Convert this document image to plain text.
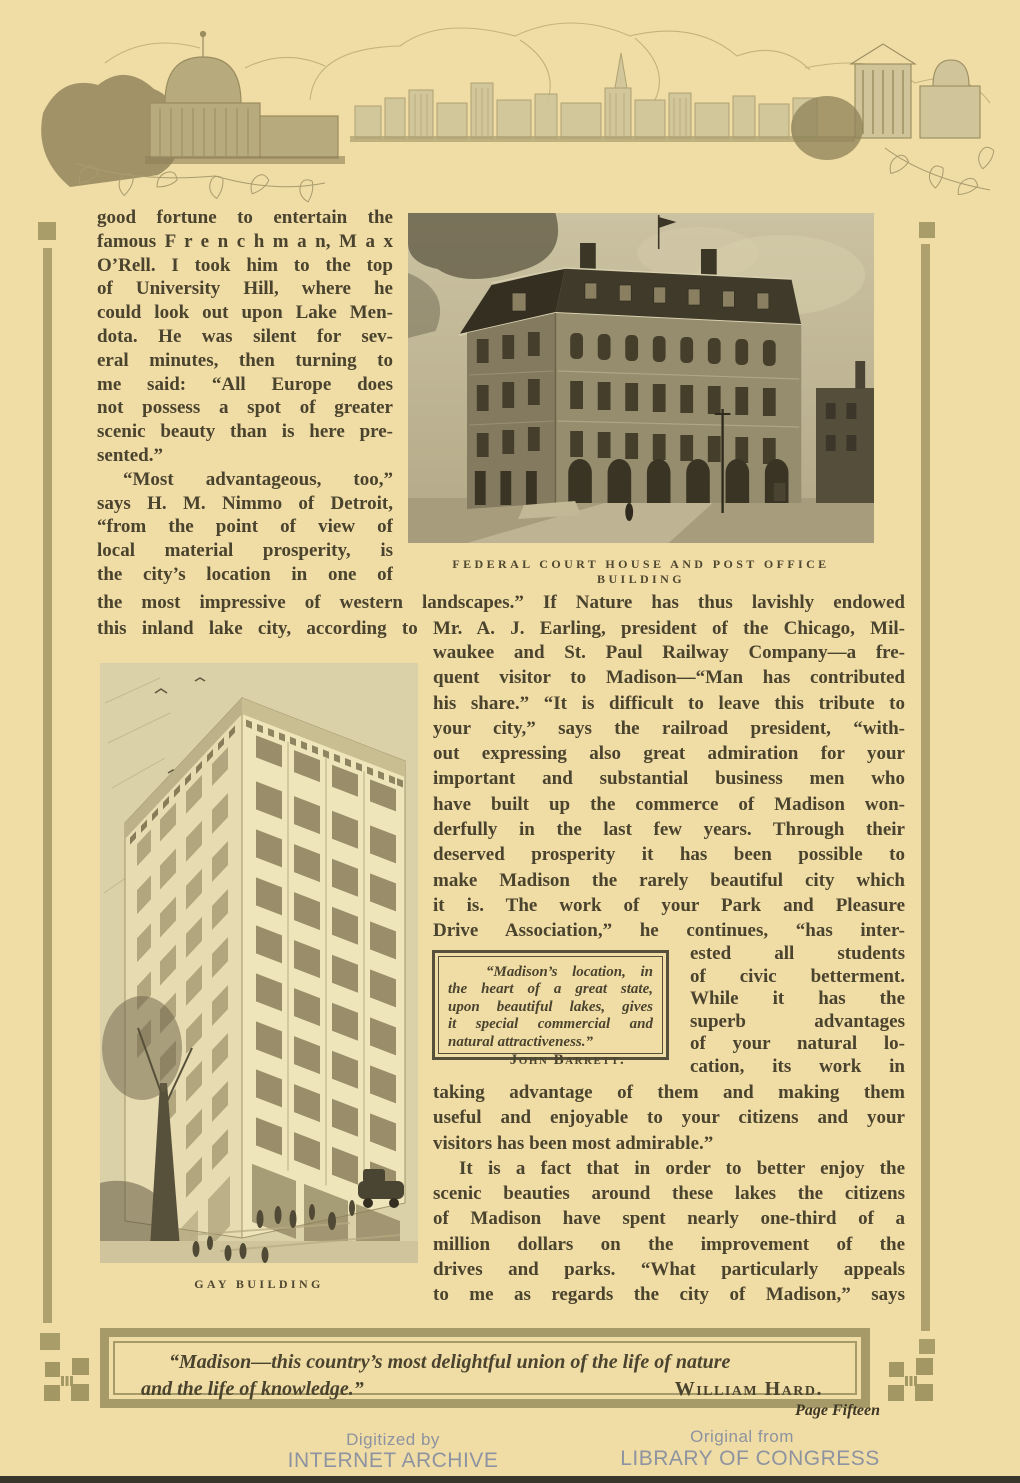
good fortune to entertain the
famous F r e n c h m a n, M a x
O’Rell. I took him to the top
of University Hill, where he
could look out upon Lake Men-
dota. He was silent for sev-
eral minutes, then turning to
me said: “All Europe does
not possess a spot of greater
scenic beauty than is here pre-
sented.”
“Most advantageous, too,”
says H. M. Nimmo of Detroit,
“from the point of view of
local material prosperity, is
the city’s location in one of	FEDERAL COURT HOUSE AND POST OFFICE BUILDING
the most impressive of western landscapes.” If Nature has thus lavishly endowed
this inland lake city, according to Mr. A. J. Earling, president of the Chicago, Mil-
GAY BUILDING
waukee and St. Paul Railway Company—a fre-
quent visitor to Madison—“Man has contributed
his share.” “It is difficult to leave this tribute to
your city,” says the railroad president, “with-
out expressing also great admiration for your
important and substantial business men who
have built up the commerce of Madison won-
derfully in the last few years. Through their
deserved prosperity it has been possible to
make Madison the rarely beautiful city which
it is. The work of your Park and Pleasure
Drive Association,” he continues, “has inter-
“Madison’s location, in
the heart of a great state,
upon beautiful lakes, gives
it special commercial and
natural attractiveness.”
John Barrett.
ested all students
of civic betterment.
While it has the
superb advantages
of your natural lo-
cation, its work in
taking advantage of them and making them
useful and enjoyable to your citizens and your
visitors has been most admirable.”
It is a fact that in order to better enjoy the
scenic beauties around these lakes the citizens
of Madison have spent nearly one-third of a
million dollars on the improvement of the
drives and parks. “What particularly appeals
to me as regards the city of Madison,” says
“Madison—this country’s most delightful union of the life of nature
and the life of knowledge.”	William Hard.
Page Fifteen
Digitized by
INTERNET ARCHIVE
Original from
LIBRARY OF CONGRESS
